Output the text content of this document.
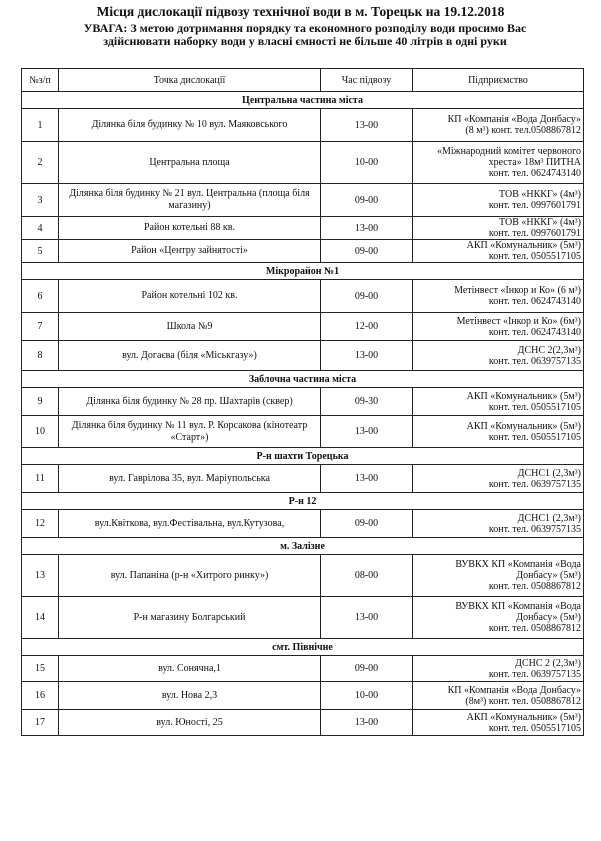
Місця дислокації підвозу технічної води в м. Торецьк на 19.12.2018
УВАГА: З метою дотримання порядку та економного розподілу води просимо Вас здійснювати наборку води у власні ємності не більше 40 літрів в одні руки
№з/п	Точка дислокації	Час підвозу	Підприємство
Центральна частина міста			
1	Ділянка біля будинку № 10 вул. Маяковського	13-00	КП «Компанія «Вода Донбасу»
(8 м³) конт. тел.0508867812

2	Центральна площа	10-00	«Міжнародний комітет червоного
хреста» 18м³ ПИТНА
конт. тел. 0624743140

3	Ділянка біля будинку № 21 вул. Центральна (площа біля магазину)	09-00	ТОВ «НККГ» (4м³)
конт. тел. 0997601791

4	Район котельні 88 кв.	13-00	ТОВ «НККГ» (4м³)
конт. тел. 0997601791

5	Район «Центру зайнятості»	09-00	АКП «Комунальник» (5м³)
конт. тел. 0505517105

Мікрорайон №1			
6	Район котельні 102 кв.	09-00	Метінвест «Інкор и Ко» (6 м³)
конт. тел. 0624743140

7	Школа №9	12-00	Метінвест «Інкор и Ко» (6м³)
конт. тел. 0624743140

8	вул. Догаєва (біля «Міськгазу»)	13-00	ДСНС 2(2,3м³)
конт. тел. 0639757135

Заблочна частина міста			
9	Ділянка біля будинку № 28 пр. Шахтарів (сквер)	09-30	АКП «Комунальник» (5м³)
конт. тел. 0505517105

10	Ділянка біля будинку № 11 вул. Р. Корсакова (кінотеатр «Старт»)	13-00	АКП «Комунальник» (5м³)
конт. тел. 0505517105

Р-н шахти Торецька			
11	вул. Гаврілова 35, вул. Маріупольська	13-00	ДСНС1 (2,3м³)
конт. тел. 0639757135

Р-н 12			
12	вул.Квіткова, вул.Фестівальна, вул.Кутузова,	09-00	ДСНС1 (2,3м³)
конт. тел. 0639757135

м. Залізне			
13	вул. Папаніна (р-н «Хитрого ринку»)	08-00	ВУВКХ КП «Компанія «Вода
Донбасу» (5м³)
конт. тел. 0508867812

14	Р-н магазину Болгарський	13-00	ВУВКХ КП «Компанія «Вода
Донбасу» (5м³)
конт. тел. 0508867812

смт. Північне			
15	вул. Сонячна,1	09-00	ДСНС 2 (2,3м³)
конт. тел. 0639757135

16	вул. Нова 2,3	10-00	КП «Компанія «Вода Донбасу»
(8м³) конт. тел. 0508867812

17	вул. Юності, 25	13-00	АКП «Комунальник» (5м³)
конт. тел. 0505517105
